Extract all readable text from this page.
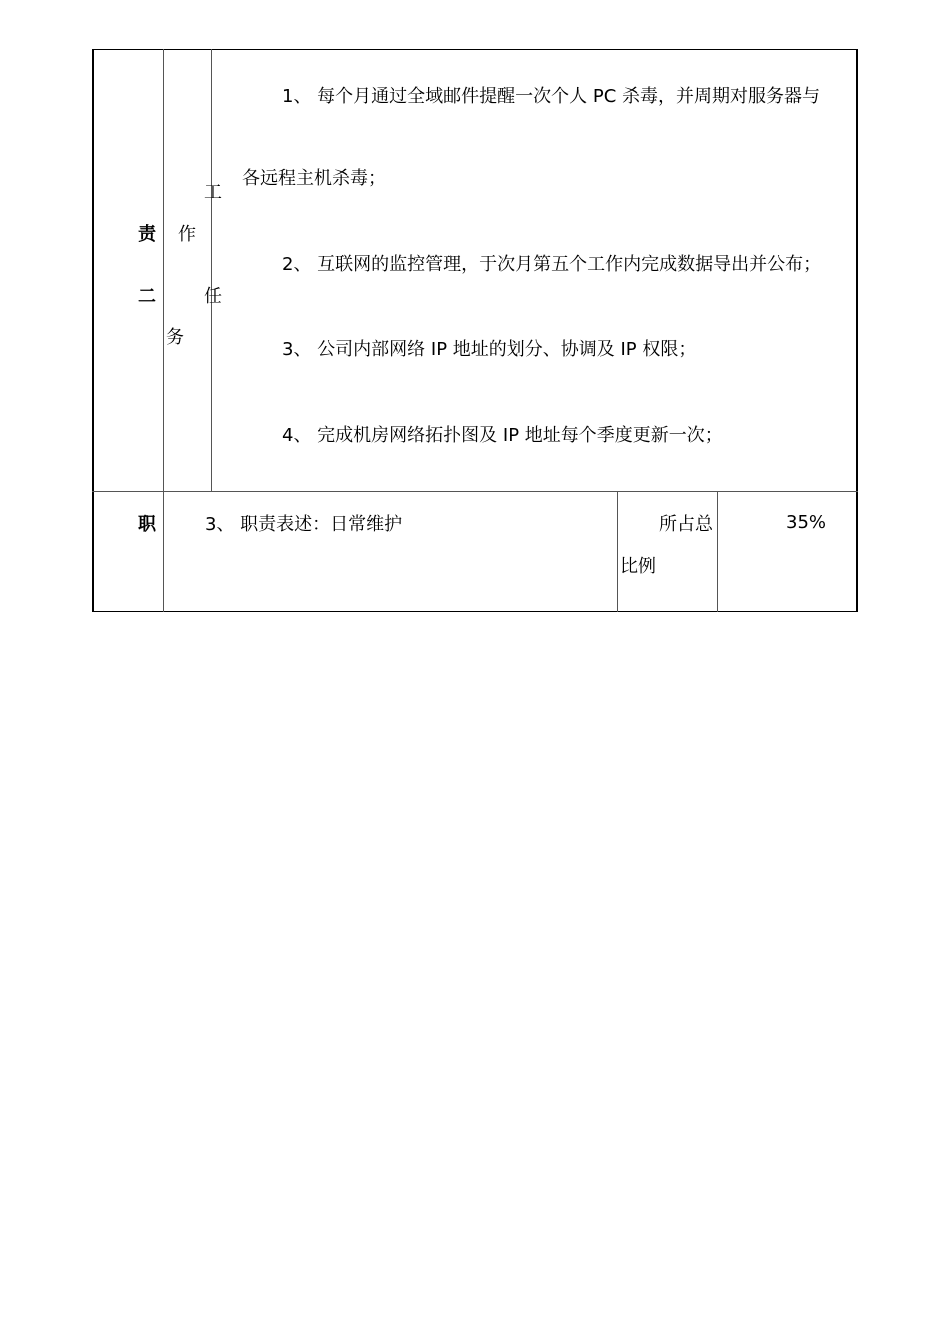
责
二
作
务
工
任
1、 每个月通过全域邮件提醒一次个人 PC 杀毒，并周期对服务器与
各远程主机杀毒；
2、 互联网的监控管理，于次月第五个工作内完成数据导出并公布；
3、 公司内部网络 IP 地址的划分、协调及 IP 权限；
4、 完成机房网络拓扑图及 IP 地址每个季度更新一次；
职	3、 职责表述：日常维护	所占总
比例
35%
